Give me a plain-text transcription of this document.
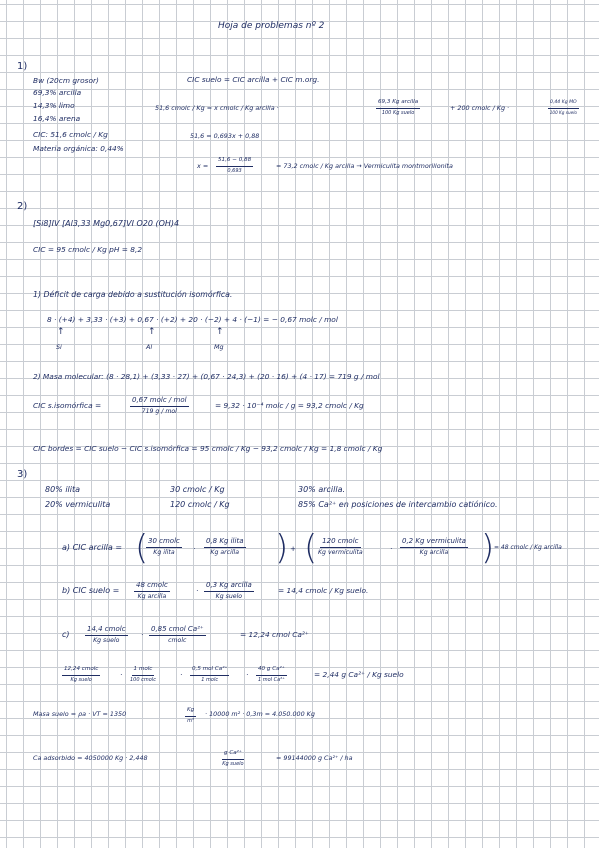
Hoja de problemas nº 2
1)
Bw (20cm grosor)
69,3% arcilla
14,3% limo
16,4% arena
CIC: 51,6 cmolc / Kg
Materia orgánica: 0,44%
CIC suelo = CIC arcilla + CIC m.org.
51,6 cmolc / Kg = x cmolc / Kg arcilla ·
69,3 Kg arcilla
100 Kg suelo
+ 200 cmolc / Kg ·
0,44 Kg MO
100 Kg suelo
51,6 = 0,693x + 0,88
$x = \frac{51,6 - 0,88}{0,693}$	= 73,2 cmolc / Kg arcilla → Vermiculita montmorillonita
2)
[Si8]IV [Al3,33 Mg0,67]VI O20 (OH)4
CIC = 95 cmolc / Kg pH = 8,2
1) Déficit de carga debido a sustitución isomórfica.
8 · (+4) + 3,33 · (+3) + 0,67 · (+2) + 20 · (−2) + 4 · (−1) = − 0,67 molc / mol
↑	↑	↑
Si	Al	Mg
2) Masa molecular: (8 · 28,1) + (3,33 · 27) + (0,67 · 24,3) + (20 · 16) + (4 · 17) = 719 g / mol
CIC s.isomórfica =
0,67 molc / mol
719 g / mol
= 9,32 · 10⁻⁴ molc / g = 93,2 cmolc / Kg
CIC bordes = CIC suelo − CIC s.isomórfica = 95 cmolc / Kg − 93,2 cmolc / Kg = 1,8 cmolc / Kg
3)
80% ilita	30 cmolc / Kg	30% arcilla.
20% vermiculita	120 cmolc / Kg	85% Ca²⁺ en posiciones de intercambio catiónico.
a) CIC arcilla = ( 30 cmolc
Kg ilita ·
0,8 Kg ilita
Kg arcilla ) + ( 120 cmolc
Kg vermiculita	·
0,2 Kg vermiculita
Kg arcilla ) = 48 cmolc / Kg arcilla
b) CIC suelo =
48 cmolc
Kg arcilla
·
0,3 Kg arcilla
Kg suelo
= 14,4 cmolc / Kg suelo.
c)
14,4 cmolc
Kg suelo
·
0,85 cmol Ca²⁺
cmolc
= 12,24 cmol Ca²⁺
12,24 cmolc
Kg suelo
·
1 molc
100 cmolc
·
0,5 mol Ca²⁺
1 molc
·
40 g Ca²⁺
1 mol Ca²⁺
= 2,44 g Ca²⁺ / Kg suelo
Masa suelo = ρa · VT = 1350	$\frac{Kg}{\text{m³}} \cdot 10000$ m² · 0,3m = 4.050.000 Kg
Ca adsorbido = 4050000 Kg · 2,448
g Ca²⁺
Kg suelo
= 99144000 g Ca²⁺ / ha
